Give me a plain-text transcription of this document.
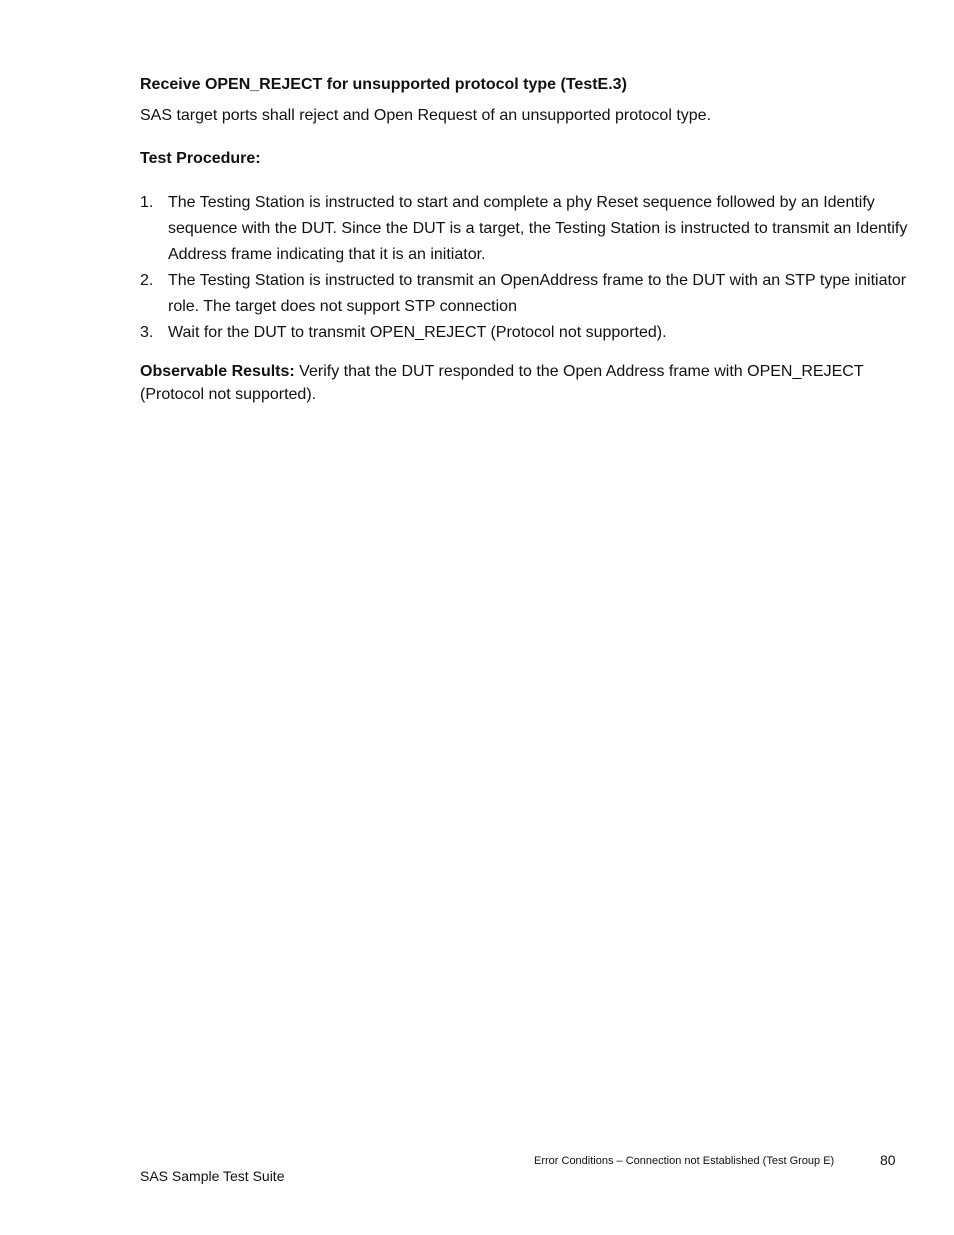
Receive OPEN_REJECT for unsupported protocol type (TestE.3)

SAS target ports shall reject and Open Request of an unsupported protocol type.

Test Procedure:
1. The Testing Station is instructed to start and complete a phy Reset sequence followed by an Identify sequence with the DUT. Since the DUT is a target, the Testing Station is instructed to transmit an Identify Address frame indicating that it is an initiator.
2. The Testing Station is instructed to transmit an OpenAddress frame to the DUT with an STP type initiator role. The target does not support STP connection
3. Wait for the DUT to transmit OPEN_REJECT (Protocol not supported).

Observable Results: Verify that the DUT responded to the Open Address frame with OPEN_REJECT (Protocol not supported).

Error Conditions – Connection not Established (Test Group E)	80
SAS Sample Test Suite
